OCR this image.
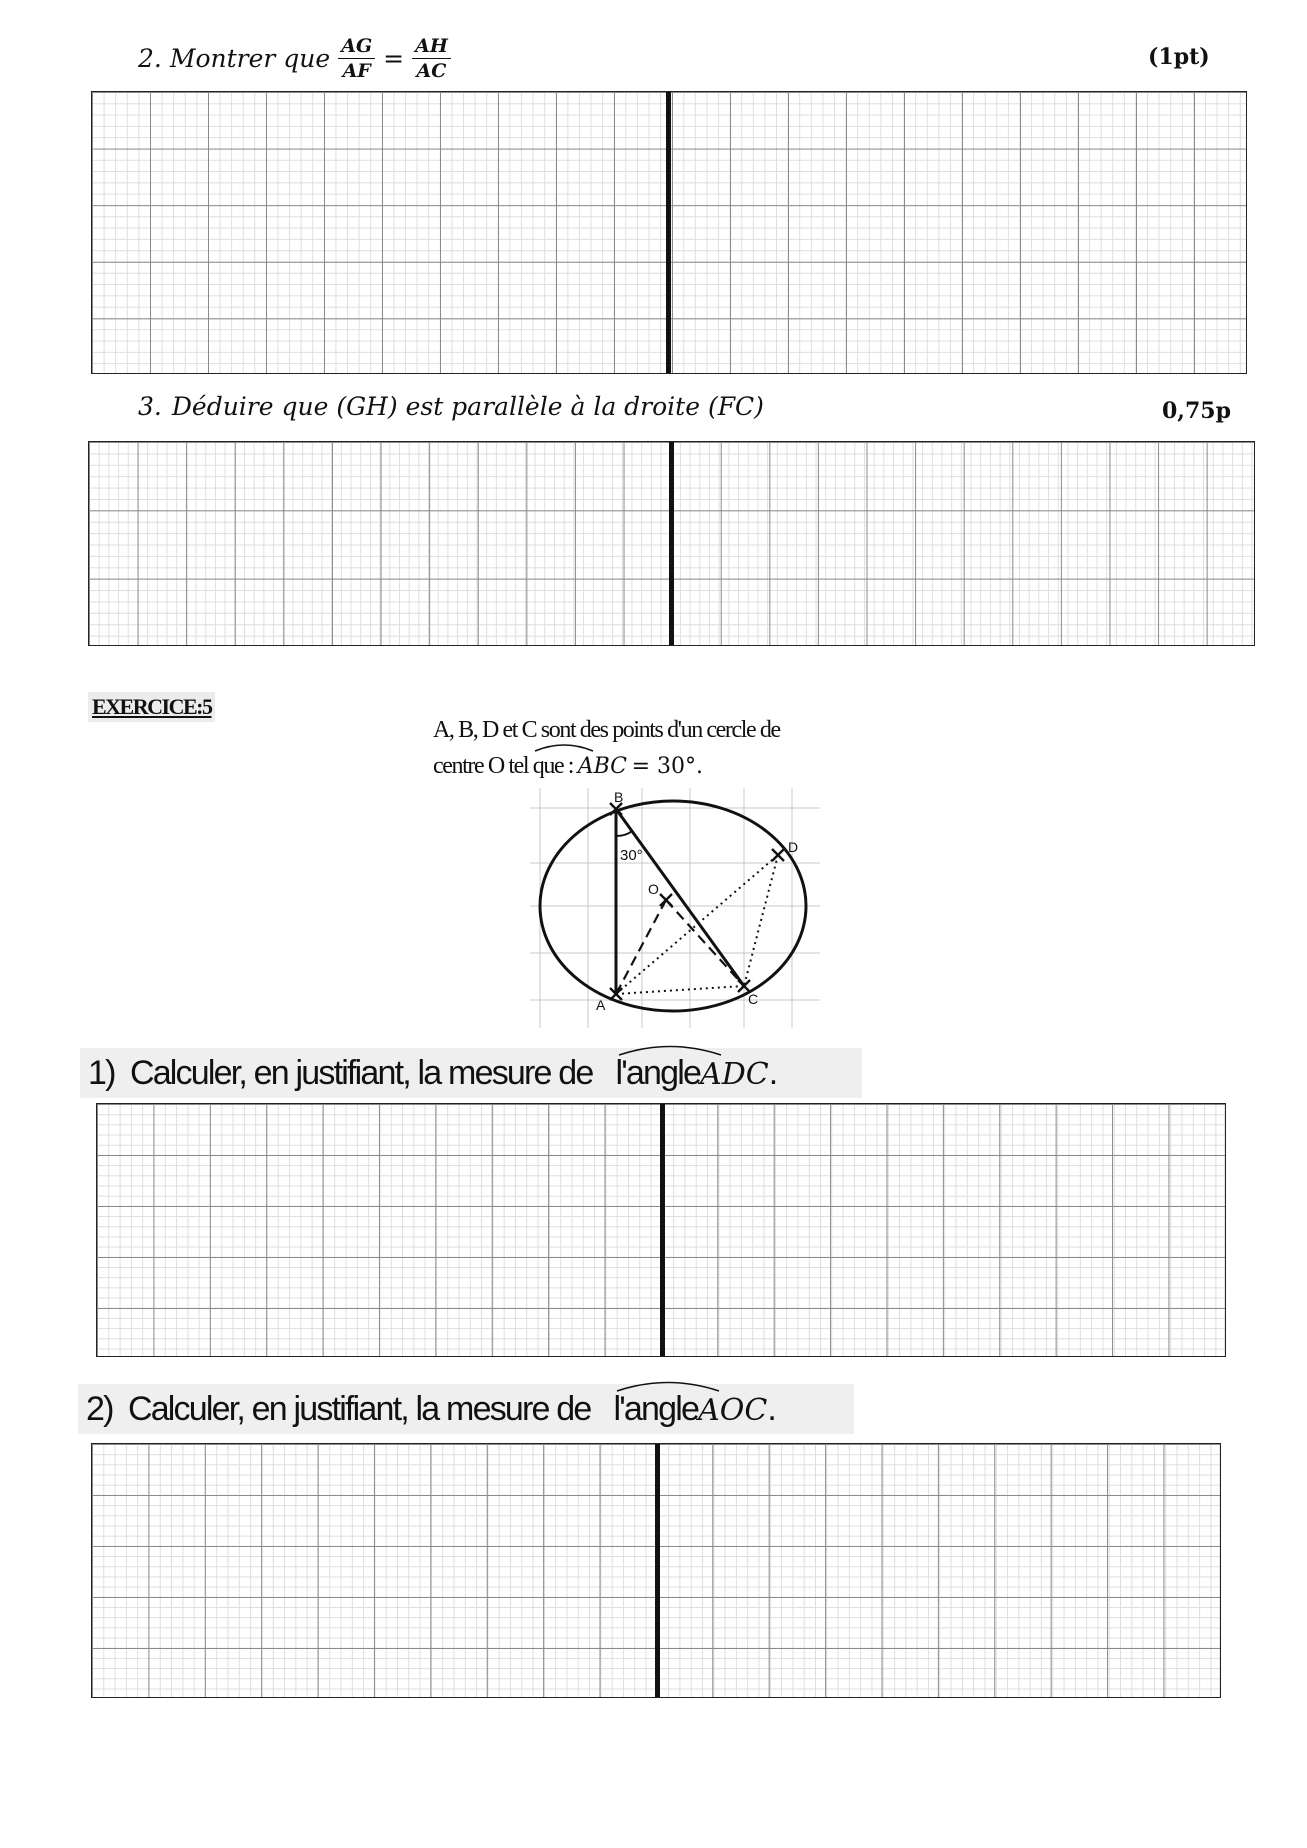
2. Montrer que $\frac{AG}{AF} = \frac{AH}{AC}$	(1pt)
3. Déduire que (GH) est parallèle à la droite (FC)	0,75p
EXERCICE:5
A, B, D et C sont des points d'un cercle de
centre O tel que : ABC = 30°.
B
D
O
A	C
30°
1) Calculer, en justifiant, la mesure de l'angleADC.
2) Calculer, en justifiant, la mesure de l'angleAOC.
